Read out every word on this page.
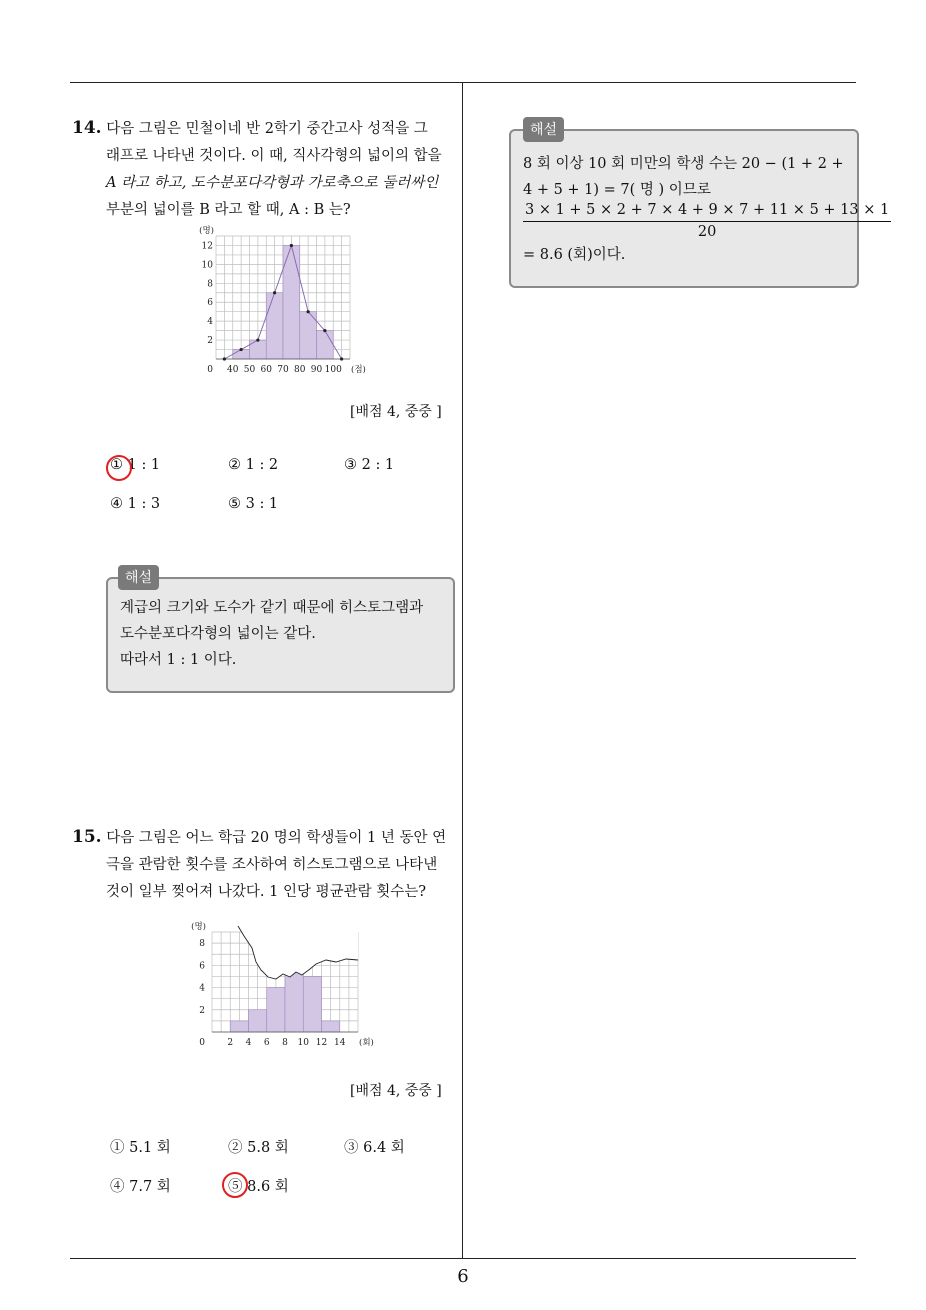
14. 다음 그림은 민철이네 반 2학기 중간고사 성적을 그
래프로 나타낸 것이다. 이 때, 직사각형의 넓이의 합을
A 라고 하고, 도수분포다각형과 가로축으로 둘러싸인
부분의 넓이를 B 라고 할 때, A : B 는?
40 50 60 70 80 90 100
2
4
6
8
10
12
0
(명)
(점)
[배점 4, 중중 ]
① 1 : 1	② 1 : 2	③ 2 : 1
④ 1 : 3	⑤ 3 : 1
계급의 크기와 도수가 같기 때문에 히스토그램과
도수분포다각형의 넓이는 같다.
따라서 1 : 1 이다.
해설
15. 다음 그림은 어느 학급 20 명의 학생들이 1 년 동안 연
극을 관람한 횟수를 조사하여 히스토그램으로 나타낸
것이 일부 찢어져 나갔다. 1 인당 평균관람 횟수는?
2 4 6 8 10 12 14
2
4
6
8
0
(명)
(회)
[배점 4, 중중 ]
① 5.1 회	② 5.8 회	③ 6.4 회
④ 7.7 회	⑤ 8.6 회
8 회 이상 10 회 미만의 학생 수는 20 − (1 + 2 +
4 + 5 + 1) = 7( 명 ) 이므로
$\frac{3 \times 1 + 5 \times 2 + 7 \times 4 + 9 \times 7 + 11 \times 5 + 13 \times 1}{20}$
= 8.6 (회)이다.
해설
6
